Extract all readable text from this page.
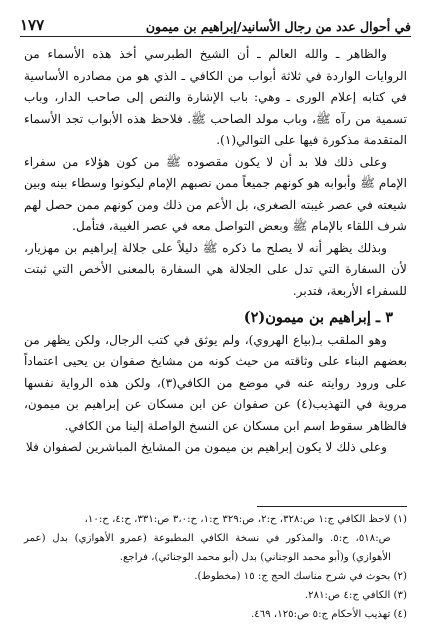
في أحوال عدد من رجال الأسانيد/إبراهيم بن ميمون
١٧٧

والظاهر ـ والله العالم ـ أن الشيخ الطبرسي أخذ هذه الأسماء من الروايات الواردة في ثلاثة أبواب من الكافي ـ الذي هو من مصادره الأساسية في كتابه إعلام الورى ـ وهي: باب الإشارة والنص إلى صاحب الدار، وباب تسمية من رآه ﷺ، وباب مولد الصاحب ﷺ. فلاحظ هذه الأبواب تجد الأسماء المتقدمة مذكورة فيها على التوالي(١).

وعلى ذلك فلا بد أن لا يكون مقصوده ﷺ من كون هؤلاء من سفراء الإمام ﷺ وأبوابه هو كونهم جميعاً ممن نصبهم الإمام ليكونوا وسطاء بينه وبين شيعته في عصر غيبته الصغرى، بل الأعم من ذلك ومن كونهم ممن حصل لهم شرف اللقاء بالإمام ﷺ وبعض التواصل معه في عصر الغيبة، فتأمل.

وبذلك يظهر أنه لا يصلح ما ذكره ﷺ دليلاً على جلالة إبراهيم بن مهزيار، لأن السفارة التي تدل على الجلالة هي السفارة بالمعنى الأخص التي ثبتت للسفراء الأربعة، فتدبر.

٣ ـ إبراهيم بن ميمون(٢)

وهو الملقب بـ(بياع الهروي)، ولم يوثق في كتب الرجال، ولكن يظهر من بعضهم البناء على وثاقته من حيث كونه من مشايخ صفوان بن يحيى اعتماداً على ورود روايته عنه في موضع من الكافي(٣)، ولكن هذه الرواية نفسها مروية في التهذيب(٤) عن صفوان عن ابن مسكان عن إبراهيم بن ميمون، فالظاهر سقوط اسم ابن مسكان عن النسخ الواصلة إلينا من الكافي.

وعلى ذلك لا يكون إبراهيم بن ميمون من المشايخ المباشرين لصفوان فلا

(١) لاحظ الكافي ج:١ ص:٣٢٨، ح:٢، ص:٣٢٩ ح:١، ح:٣،٠ ص:٣٣١، ح:٤، ح:١٠،
ص:٥١٨، ح:٥. والمذكور في نسخة الكافي المطبوعة (عمرو الأهوازي) بدل (عمر الأهوازي) و(أبو محمد الوجناني) بدل (أبو محمد الوجنائي)، فراجع.
(٢) بحوث في شرح مناسك الحج ج: ١٥ (مخطوط).
(٣) الكافي ج:٤ ص:٢٨١.
(٤) تهذيب الأحكام ج:٥ ص:١٢٥، ٤٦٩.
